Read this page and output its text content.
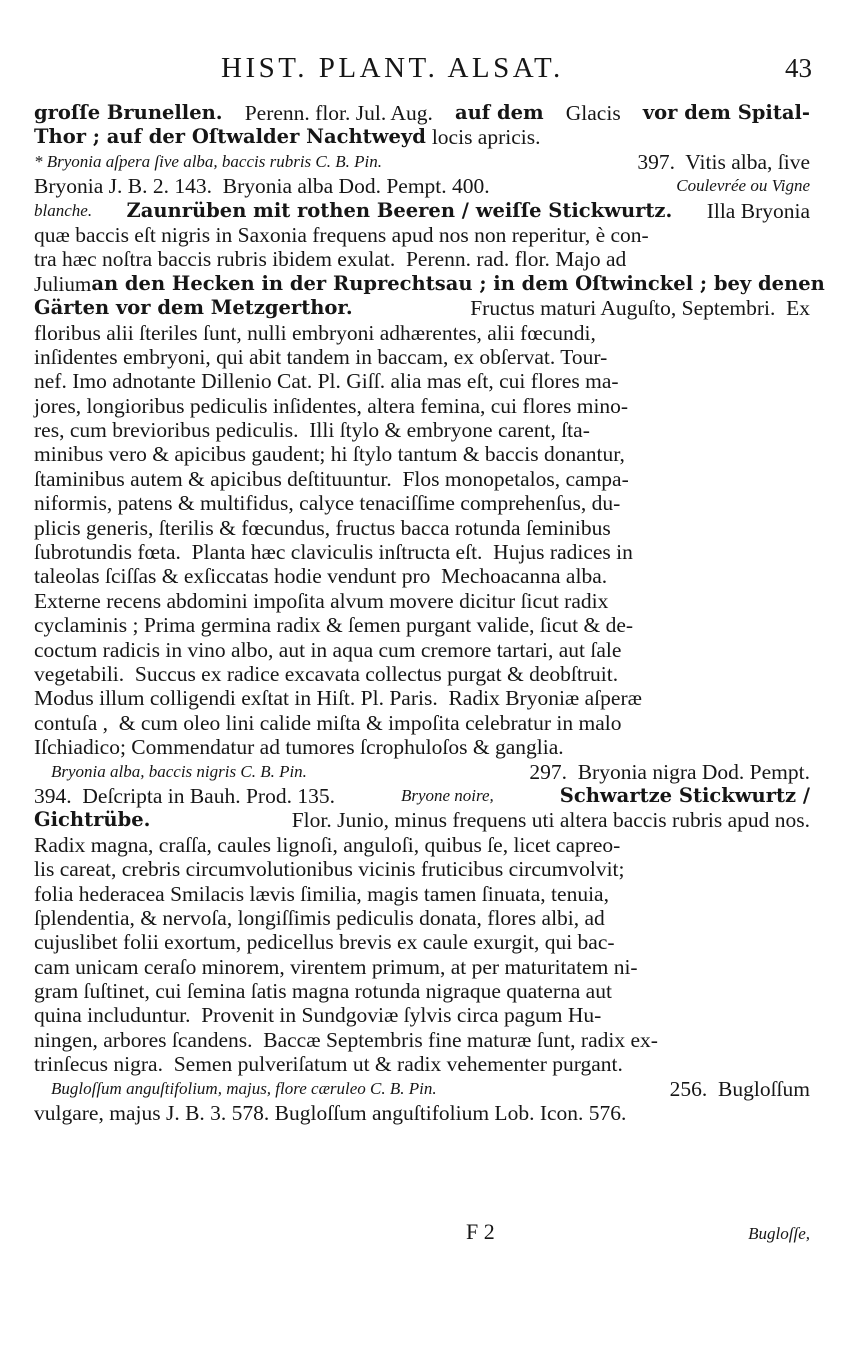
HIST. PLANT. ALSAT.	43
groſſe Brunellen. Perenn. flor. Jul. Aug. auf dem Glacis vor dem Spital-
Thor ; auf der Oſtwalder Nachtweyd locis apricis.
* Bryonia aſpera ſive alba, baccis rubris C. B. Pin.	397.  Vitis alba, ſive
Bryonia J. B. 2. 143.  Bryonia alba Dod. Pempt. 400.	Coulevrée ou Vigne
blanche. Zaunrüben mit rothen Beeren / weiſſe Stickwurtz. Illa Bryonia
quæ baccis eſt nigris in Saxonia frequens apud nos non reperitur, è con-
tra hæc noſtra baccis rubris ibidem exulat.  Perenn. rad. flor. Majo ad
Julium an den Hecken in der Ruprechtsau ; in dem Oſtwinckel ; bey denen
Gärten vor dem Metzgerthor.	Fructus maturi Auguſto, Septembri.  Ex
floribus alii ſteriles ſunt, nulli embryoni adhærentes, alii fœcundi,
inſidentes embryoni, qui abit tandem in baccam, ex obſervat. Tour-
nef. Imo adnotante Dillenio Cat. Pl. Giſſ. alia mas eſt, cui flores ma-
jores, longioribus pediculis inſidentes, altera femina, cui flores mino-
res, cum brevioribus pediculis.  Illi ſtylo & embryone carent, ſta-
minibus vero & apicibus gaudent; hi ſtylo tantum & baccis donantur,
ſtaminibus autem & apicibus deſtituuntur.  Flos monopetalos, campa-
niformis, patens & multifidus, calyce tenaciſſime comprehenſus, du-
plicis generis, ſterilis & fœcundus, fructus bacca rotunda ſeminibus
ſubrotundis fœta.  Planta hæc claviculis inſtructa eſt.  Hujus radices in
taleolas ſciſſas & exſiccatas hodie vendunt pro  Mechoacanna alba.
Externe recens abdomini impoſita alvum movere dicitur ſicut radix
cyclaminis ; Prima germina radix & ſemen purgant valide, ſicut & de-
coctum radicis in vino albo, aut in aqua cum cremore tartari, aut ſale
vegetabili.  Succus ex radice excavata collectus purgat & deobſtruit.
Modus illum colligendi exſtat in Hiſt. Pl. Paris.  Radix Bryoniæ aſperæ
contuſa ,  & cum oleo lini calide miſta & impoſita celebratur in malo
Iſchiadico; Commendatur ad tumores ſcrophuloſos & ganglia.
Bryonia alba, baccis nigris C. B. Pin.	297.  Bryonia nigra Dod. Pempt.
394.  Deſcripta in Bauh. Prod. 135.	Bryone noire,	Schwartze Stickwurtz /
Gichtrübe.	Flor. Junio, minus frequens uti altera baccis rubris apud nos.
Radix magna, craſſa, caules lignoſi, anguloſi, quibus ſe, licet capreo-
lis careat, crebris circumvolutionibus vicinis fruticibus circumvolvit;
folia hederacea Smilacis lævis ſimilia, magis tamen ſinuata, tenuia,
ſplendentia, & nervoſa, longiſſimis pediculis donata, flores albi, ad
cujuslibet folii exortum, pedicellus brevis ex caule exurgit, qui bac-
cam unicam ceraſo minorem, virentem primum, at per maturitatem ni-
gram ſuſtinet, cui ſemina ſatis magna rotunda nigraque quaterna aut
quina includuntur.  Provenit in Sundgoviæ ſylvis circa pagum Hu-
ningen, arbores ſcandens.  Baccæ Septembris fine maturæ ſunt, radix ex-
trinſecus nigra.  Semen pulveriſatum ut & radix vehementer purgant.
Bugloſſum anguſtifolium, majus, flore cæruleo C. B. Pin.	256.  Bugloſſum
vulgare, majus J. B. 3. 578. Bugloſſum anguſtifolium Lob. Icon. 576.
F 2	Bugloſſe,
